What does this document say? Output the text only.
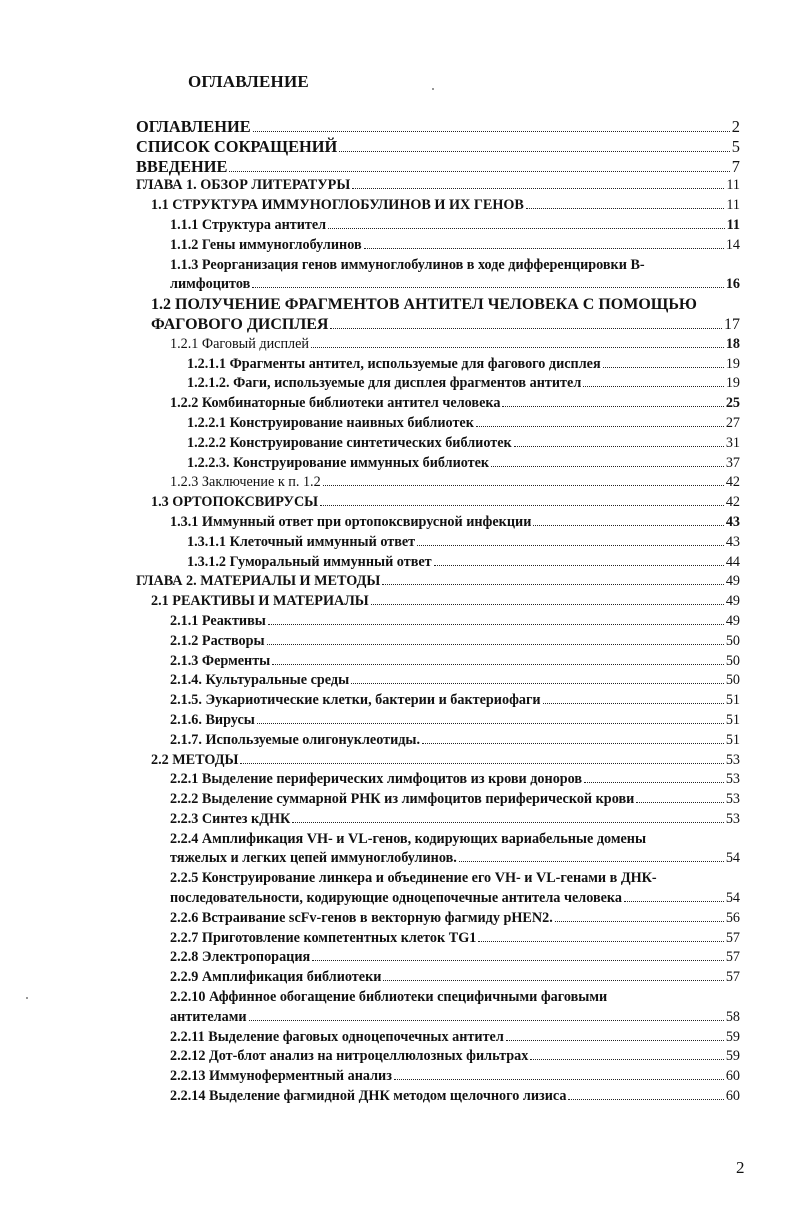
ОГЛАВЛЕНИЕ
ОГЛАВЛЕНИЕ	2
СПИСОК СОКРАЩЕНИЙ	5
ВВЕДЕНИЕ	7
ГЛАВА 1. ОБЗОР ЛИТЕРАТУРЫ	11
1.1 СТРУКТУРА ИММУНОГЛОБУЛИНОВ И ИХ ГЕНОВ	11
1.1.1 Структура антител	11
1.1.2 Гены иммуноглобулинов	14
1.1.3 Реорганизация генов иммуноглобулинов в ходе дифференцировки В-
лимфоцитов	16
1.2 ПОЛУЧЕНИЕ ФРАГМЕНТОВ АНТИТЕЛ ЧЕЛОВЕКА С ПОМОЩЬЮ
ФАГОВОГО ДИСПЛЕЯ	17
1.2.1 Фаговый дисплей	18
1.2.1.1 Фрагменты антител, используемые для фагового дисплея	19
1.2.1.2. Фаги, используемые для дисплея фрагментов антител	19
1.2.2 Комбинаторные библиотеки антител человека	25
1.2.2.1 Конструирование наивных библиотек	27
1.2.2.2 Конструирование синтетических библиотек	31
1.2.2.3. Конструирование иммунных библиотек	37
1.2.3 Заключение к п. 1.2	42
1.3 ОРТОПОКСВИРУСЫ	42
1.3.1 Иммунный ответ при ортопоксвирусной инфекции	43
1.3.1.1 Клеточный иммунный ответ	43
1.3.1.2 Гуморальный иммунный ответ	44
ГЛАВА 2. МАТЕРИАЛЫ И МЕТОДЫ	49
2.1 РЕАКТИВЫ И МАТЕРИАЛЫ	49
2.1.1 Реактивы	49
2.1.2 Растворы	50
2.1.3 Ферменты	50
2.1.4. Культуральные среды	50
2.1.5. Эукариотические клетки, бактерии и бактериофаги	51
2.1.6. Вирусы	51
2.1.7. Используемые олигонуклеотиды.	51
2.2 МЕТОДЫ	53
2.2.1 Выделение периферических лимфоцитов из крови доноров	53
2.2.2 Выделение суммарной РНК из лимфоцитов периферической крови	53
2.2.3 Синтез кДНК	53
2.2.4 Амплификация VH- и VL-генов, кодирующих вариабельные домены
тяжелых и легких цепей иммуноглобулинов.	54
2.2.5 Конструирование линкера и объединение его VH- и VL-генами в ДНК-
последовательности, кодирующие одноцепочечные антитела человека	54
2.2.6 Встраивание scFv-генов в векторную фагмиду pHEN2.	56
2.2.7 Приготовление компетентных клеток TG1	57
2.2.8 Электропорация	57
2.2.9 Амплификация библиотеки	57
2.2.10 Аффинное обогащение библиотеки специфичными фаговыми
антителами	58
2.2.11 Выделение фаговых одноцепочечных антител	59
2.2.12 Дот-блот анализ на нитроцеллюлозных фильтрах	59
2.2.13 Иммуноферментный анализ	60
2.2.14 Выделение фагмидной ДНК методом щелочного лизиса	60
2
